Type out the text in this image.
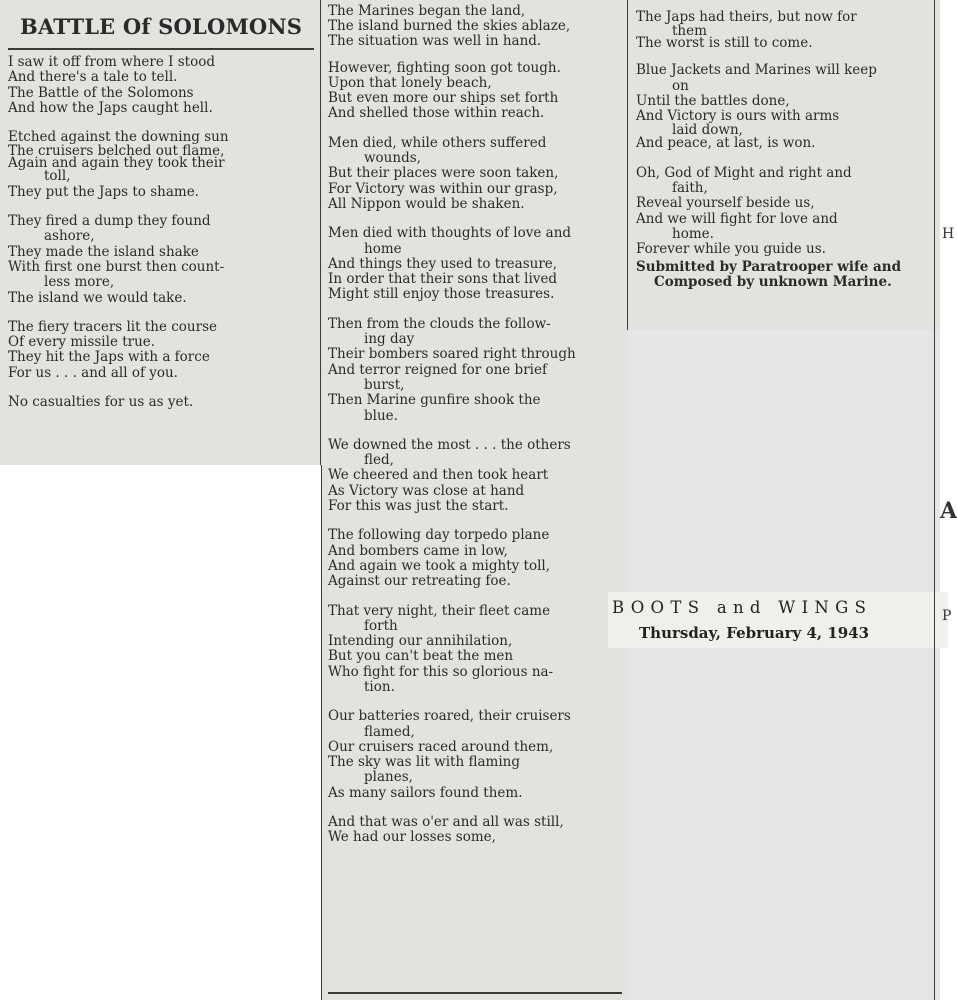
BATTLE Of SOLOMONS
I saw it off from where I stood
And there's a tale to tell.
The Battle of the Solomons
And how the Japs caught hell.
Etched against the downing sun
The cruisers belched out flame,
Again and again they took their
toll,
They put the Japs to shame.
They fired a dump they found
ashore,
They made the island shake
With first one burst then count-
less more,
The island we would take.
The fiery tracers lit the course
Of every missile true.
They hit the Japs with a force
For us . . . and all of you.
No casualties for us as yet.
The Marines began the land,
The island burned the skies ablaze,
The situation was well in hand.
However, fighting soon got tough.
Upon that lonely beach,
But even more our ships set forth
And shelled those within reach.
Men died, while others suffered
wounds,
But their places were soon taken,
For Victory was within our grasp,
All Nippon would be shaken.
Men died with thoughts of love and
home
And things they used to treasure,
In order that their sons that lived
Might still enjoy those treasures.
Then from the clouds the follow-
ing day
Their bombers soared right through
And terror reigned for one brief
burst,
Then Marine gunfire shook the
blue.
We downed the most . . . the others
fled,
We cheered and then took heart
As Victory was close at hand
For this was just the start.
The following day torpedo plane
And bombers came in low,
And again we took a mighty toll,
Against our retreating foe.
That very night, their fleet came
forth
Intending our annihilation,
But you can't beat the men
Who fight for this so glorious na-
tion.
Our batteries roared, their cruisers
flamed,
Our cruisers raced around them,
The sky was lit with flaming
planes,
As many sailors found them.
And that was o'er and all was still,
We had our losses some,
The Japs had theirs, but now for
them
The worst is still to come.
Blue Jackets and Marines will keep
on
Until the battles done,
And Victory is ours with arms
laid down,
And peace, at last, is won.
Oh, God of Might and right and
faith,
Reveal yourself beside us,
And we will fight for love and
home.
Forever while you guide us.
Submitted by Paratrooper wife and
Composed by unknown Marine.
BOOTS and WINGS
Thursday, February 4, 1943
H
A
P
